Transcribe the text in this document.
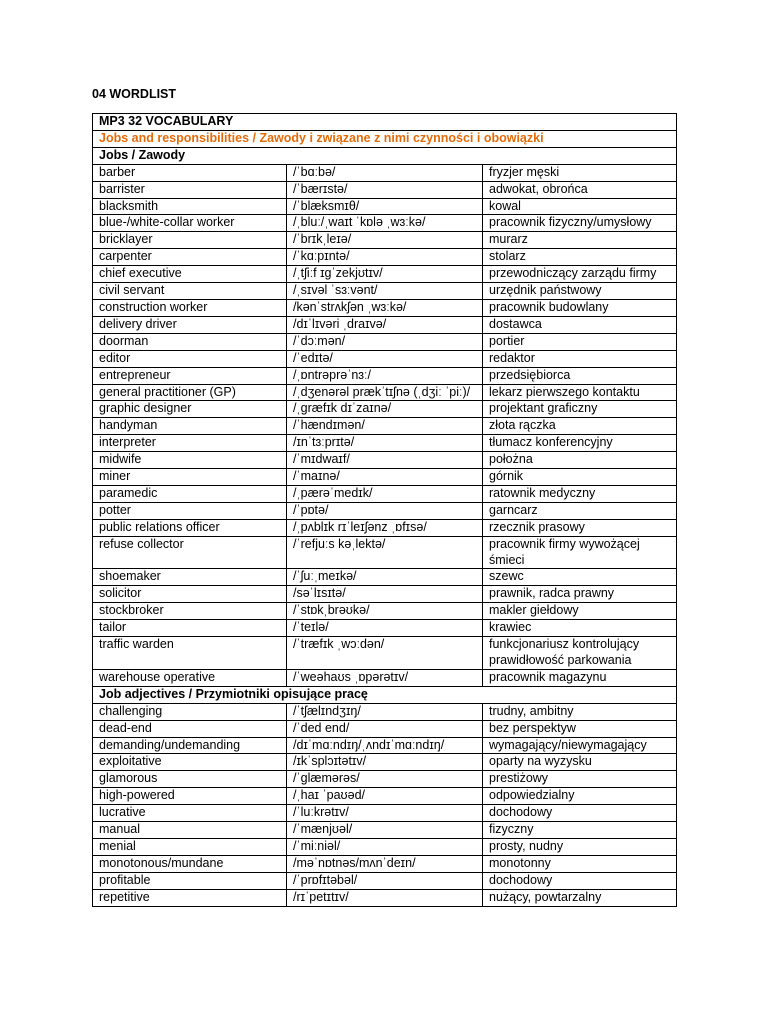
04 WORDLIST
MP3 32 VOCABULARY		
Jobs and responsibilities / Zawody i związane z nimi czynności i obowiązki		
Jobs / Zawody		
barber	/ˈbɑːbə/	fryzjer męski
barrister	/ˈbærɪstə/	adwokat, obrońca
blacksmith	/ˈblæksmɪθ/	kowal
blue-/white-collar worker	/ˌbluː/ˌwaɪt ˈkɒlə ˌwɜːkə/	pracownik fizyczny/umysłowy
bricklayer	/ˈbrɪkˌleɪə/	murarz
carpenter	/ˈkɑːpɪntə/	stolarz
chief executive	/ˌtʃiːf ɪɡˈzekjʊtɪv/	przewodniczący zarządu firmy
civil servant	/ˌsɪvəl ˈsɜːvənt/	urzędnik państwowy
construction worker	/kənˈstrʌkʃən ˌwɜːkə/	pracownik budowlany
delivery driver	/dɪˈlɪvəri ˌdraɪvə/	dostawca
doorman	/ˈdɔːmən/	portier
editor	/ˈedɪtə/	redaktor
entrepreneur	/ˌɒntrəprəˈnɜː/	przedsiębiorca
general practitioner (GP)	/ˌdʒenərəl prækˈtɪʃnə (ˌdʒiː ˈpiː)/	lekarz pierwszego kontaktu
graphic designer	/ˌɡræfɪk dɪˈzaɪnə/	projektant graficzny
handyman	/ˈhændɪmən/	złota rączka
interpreter	/ɪnˈtɜːprɪtə/	tłumacz konferencyjny
midwife	/ˈmɪdwaɪf/	położna
miner	/ˈmaɪnə/	górnik
paramedic	/ˌpærəˈmedɪk/	ratownik medyczny
potter	/ˈpɒtə/	garncarz
public relations officer	/ˌpʌblɪk rɪˈleɪʃənz ˌɒfɪsə/	rzecznik prasowy
refuse collector	/ˈrefjuːs kəˌlektə/	pracownik firmy wywożącej śmieci
shoemaker	/ˈʃuːˌmeɪkə/	szewc
solicitor	/səˈlɪsɪtə/	prawnik, radca prawny
stockbroker	/ˈstɒkˌbrəʊkə/	makler giełdowy
tailor	/ˈteɪlə/	krawiec
traffic warden	/ˈtræfɪk ˌwɔːdən/	funkcjonariusz kontrolujący prawidłowość parkowania
warehouse operative	/ˈweəhaʊs ˌɒpərətɪv/	pracownik magazynu
Job adjectives / Przymiotniki opisujące pracę		
challenging	/ˈtʃælɪndʒɪŋ/	trudny, ambitny
dead-end	/ˈded end/	bez perspektyw
demanding/undemanding	/dɪˈmɑːndɪŋ/ˌʌndɪˈmɑːndɪŋ/	wymagający/niewymagający
exploitative	/ɪkˈsplɔɪtətɪv/	oparty na wyzysku
glamorous	/ˈɡlæmərəs/	prestiżowy
high-powered	/ˌhaɪ ˈpaʊəd/	odpowiedzialny
lucrative	/ˈluːkrətɪv/	dochodowy
manual	/ˈmænjʊəl/	fizyczny
menial	/ˈmiːniəl/	prosty, nudny
monotonous/mundane	/məˈnɒtnəs/mʌnˈdeɪn/	monotonny
profitable	/ˈprɒfɪtəbəl/	dochodowy
repetitive	/rɪˈpetɪtɪv/	nużący, powtarzalny
